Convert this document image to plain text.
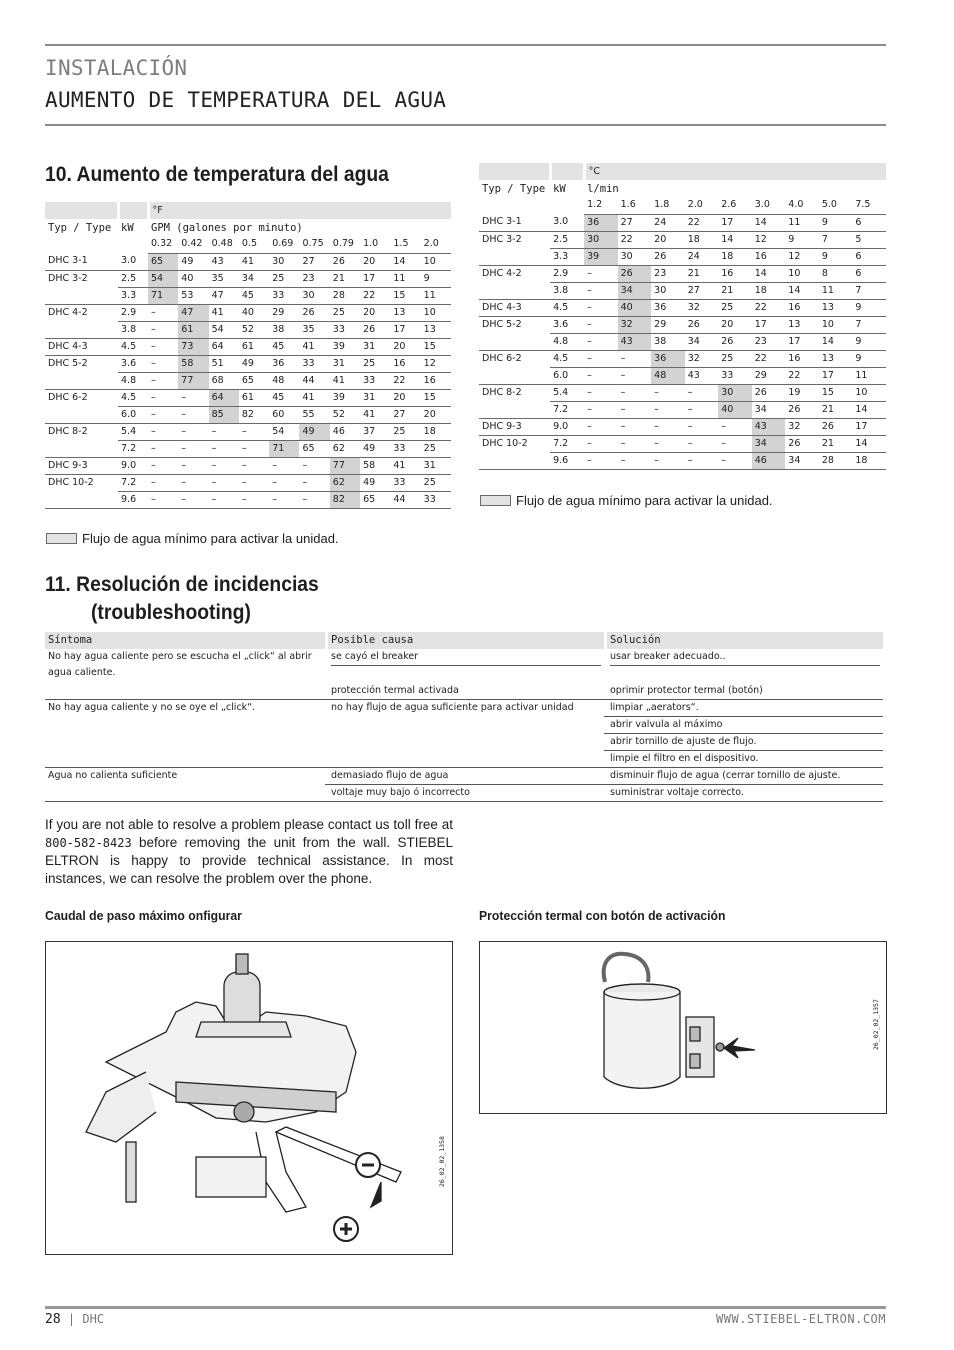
INSTALACIÓN
AUMENTO DE TEMPERATURA DEL AGUA
10. Aumento de temperatura del agua
		°F									
Typ / Type	kW	GPM (galones por minuto)									
		0.32	0.42	0.48	0.5	0.69	0.75	0.79	1.0	1.5	2.0
DHC 3-1	3.0	65	49	43	41	30	27	26	20	14	10
DHC 3-2	2.5	54	40	35	34	25	23	21	17	11	9
	3.3	71	53	47	45	33	30	28	22	15	11
DHC 4-2	2.9	–	47	41	40	29	26	25	20	13	10
	3.8	–	61	54	52	38	35	33	26	17	13
DHC 4-3	4.5	–	73	64	61	45	41	39	31	20	15
DHC 5-2	3.6	–	58	51	49	36	33	31	25	16	12
	4.8	–	77	68	65	48	44	41	33	22	16
DHC 6-2	4.5	–	–	64	61	45	41	39	31	20	15
	6.0	–	–	85	82	60	55	52	41	27	20
DHC 8-2	5.4	–	–	–	–	54	49	46	37	25	18
	7.2	–	–	–	–	71	65	62	49	33	25
DHC 9-3	9.0	–	–	–	–	–	–	77	58	41	31
DHC 10-2	7.2	–	–	–	–	–	–	62	49	33	25
	9.6	–	–	–	–	–	–	82	65	44	33
Flujo de agua mínimo para activar la unidad.
		°C								
Typ / Type	kW	l/min								
		1.2	1.6	1.8	2.0	2.6	3.0	4.0	5.0	7.5
DHC 3-1	3.0	36	27	24	22	17	14	11	9	6
DHC 3-2	2.5	30	22	20	18	14	12	9	7	5
	3.3	39	30	26	24	18	16	12	9	6
DHC 4-2	2.9	–	26	23	21	16	14	10	8	6
	3.8	–	34	30	27	21	18	14	11	7
DHC 4-3	4.5	–	40	36	32	25	22	16	13	9
DHC 5-2	3.6	–	32	29	26	20	17	13	10	7
	4.8	–	43	38	34	26	23	17	14	9
DHC 6-2	4.5	–	–	36	32	25	22	16	13	9
	6.0	–	–	48	43	33	29	22	17	11
DHC 8-2	5.4	–	–	–	–	30	26	19	15	10
	7.2	–	–	–	–	40	34	26	21	14
DHC 9-3	9.0	–	–	–	–	–	43	32	26	17
DHC 10-2	7.2	–	–	–	–	–	34	26	21	14
	9.6	–	–	–	–	–	46	34	28	18
Flujo de agua mínimo para activar la unidad.
11. Resolución de incidencias
(troubleshooting)
Síntoma	Posible causa	Solución
No hay agua caliente pero se escucha el „click“ al abrir agua caliente.	se cayó el breaker	usar breaker adecuado..

	protección termal activada	oprimir protector termal (botón)
No hay agua caliente y no se oye el „click“.	no hay flujo de agua suficiente para activar unidad	limpiar „aerators“.
		abrir valvula al máximo
		abrir tornillo de ajuste de flujo.
		limpie el filtro en el dispositivo.
Agua no calienta suficiente	demasiado flujo de agua	disminuir flujo de agua (cerrar tornillo de ajuste.
	voltaje muy bajo ó incorrecto	suministrar voltaje correcto.
If you are not able to resolve a problem please contact us toll free at 800-582-8423 before removing the unit from the wall. STIEBEL ELTRON is happy to provide technical assistance. In most instances, we can resolve the problem over the phone.
Caudal de paso máximo onfigurar	Protección termal con botón de activación
26_02_02_1358
26_02_02_1357
28 | DHC	WWW.STIEBEL-ELTRON.COM
